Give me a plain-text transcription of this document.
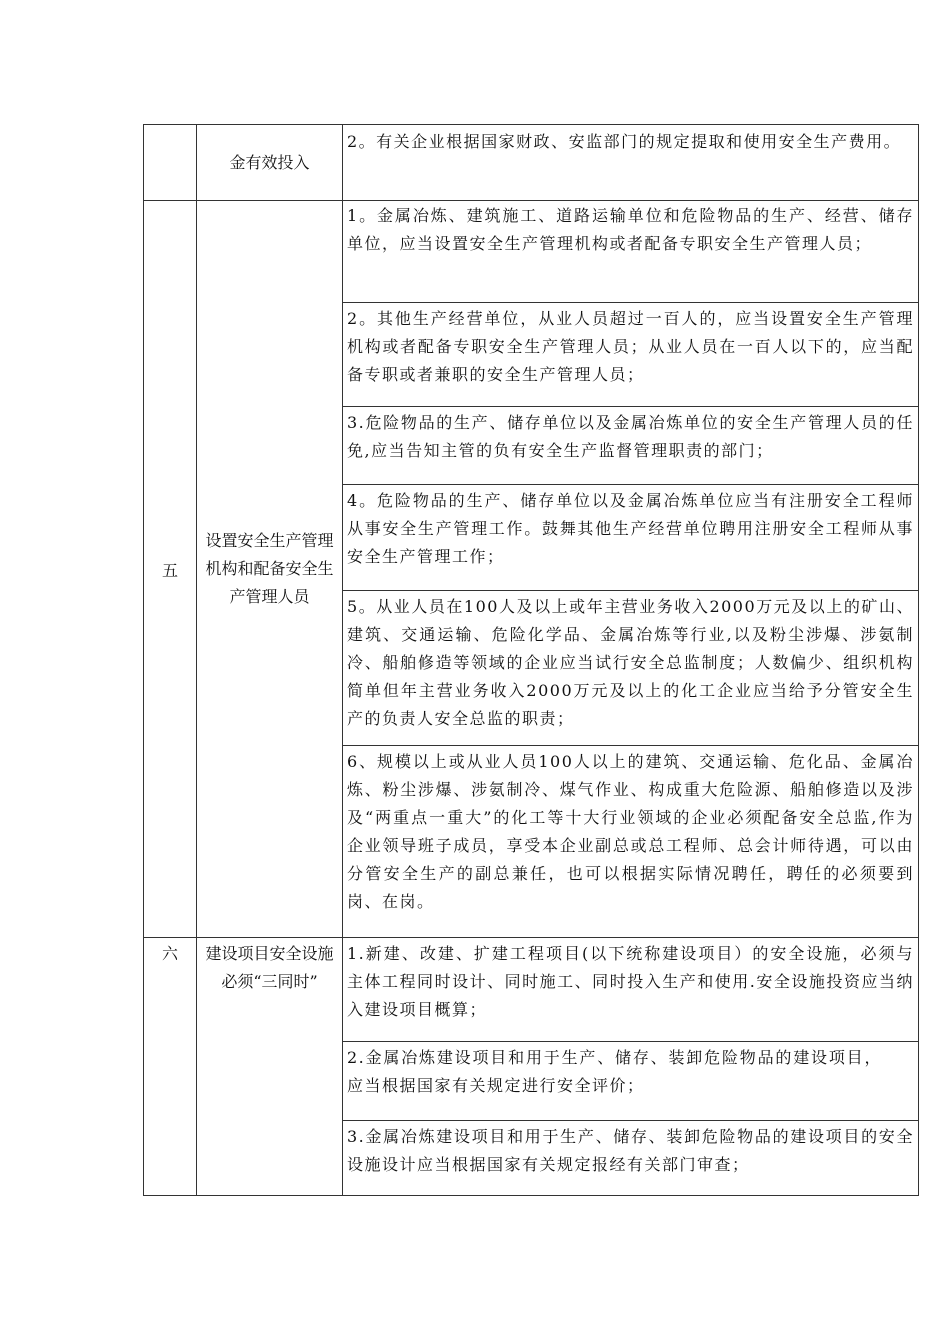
金有效投入
2。有关企业根据国家财政、安监部门的规定提取和使用安全生产费用。
五
设置安全生产管理机构和配备安全生产管理人员
1。金属冶炼、建筑施工、道路运输单位和危险物品的生产、经营、储存单位，应当设置安全生产管理机构或者配备专职安全生产管理人员；
2。其他生产经营单位，从业人员超过一百人的，应当设置安全生产管理机构或者配备专职安全生产管理人员；从业人员在一百人以下的，应当配备专职或者兼职的安全生产管理人员；
3.危险物品的生产、储存单位以及金属冶炼单位的安全生产管理人员的任免,应当告知主管的负有安全生产监督管理职责的部门；
4。危险物品的生产、储存单位以及金属冶炼单位应当有注册安全工程师从事安全生产管理工作。鼓舞其他生产经营单位聘用注册安全工程师从事安全生产管理工作；
5。从业人员在100人及以上或年主营业务收入2000万元及以上的矿山、建筑、交通运输、危险化学品、金属冶炼等行业,以及粉尘涉爆、涉氨制冷、船舶修造等领域的企业应当试行安全总监制度；人数偏少、组织机构简单但年主营业务收入2000万元及以上的化工企业应当给予分管安全生产的负责人安全总监的职责；
6、规模以上或从业人员100人以上的建筑、交通运输、危化品、金属冶炼、粉尘涉爆、涉氨制冷、煤气作业、构成重大危险源、船舶修造以及涉及“两重点一重大”的化工等十大行业领域的企业必须配备安全总监,作为企业领导班子成员，享受本企业副总或总工程师、总会计师待遇，可以由分管安全生产的副总兼任，也可以根据实际情况聘任，聘任的必须要到岗、在岗。
六	建设项目安全设施必须“三同时”
1.新建、改建、扩建工程项目(以下统称建设项目）的安全设施，必须与主体工程同时设计、同时施工、同时投入生产和使用.安全设施投资应当纳入建设项目概算；
2.金属冶炼建设项目和用于生产、储存、装卸危险物品的建设项目，应当根据国家有关规定进行安全评价；
3.金属冶炼建设项目和用于生产、储存、装卸危险物品的建设项目的安全设施设计应当根据国家有关规定报经有关部门审查；
